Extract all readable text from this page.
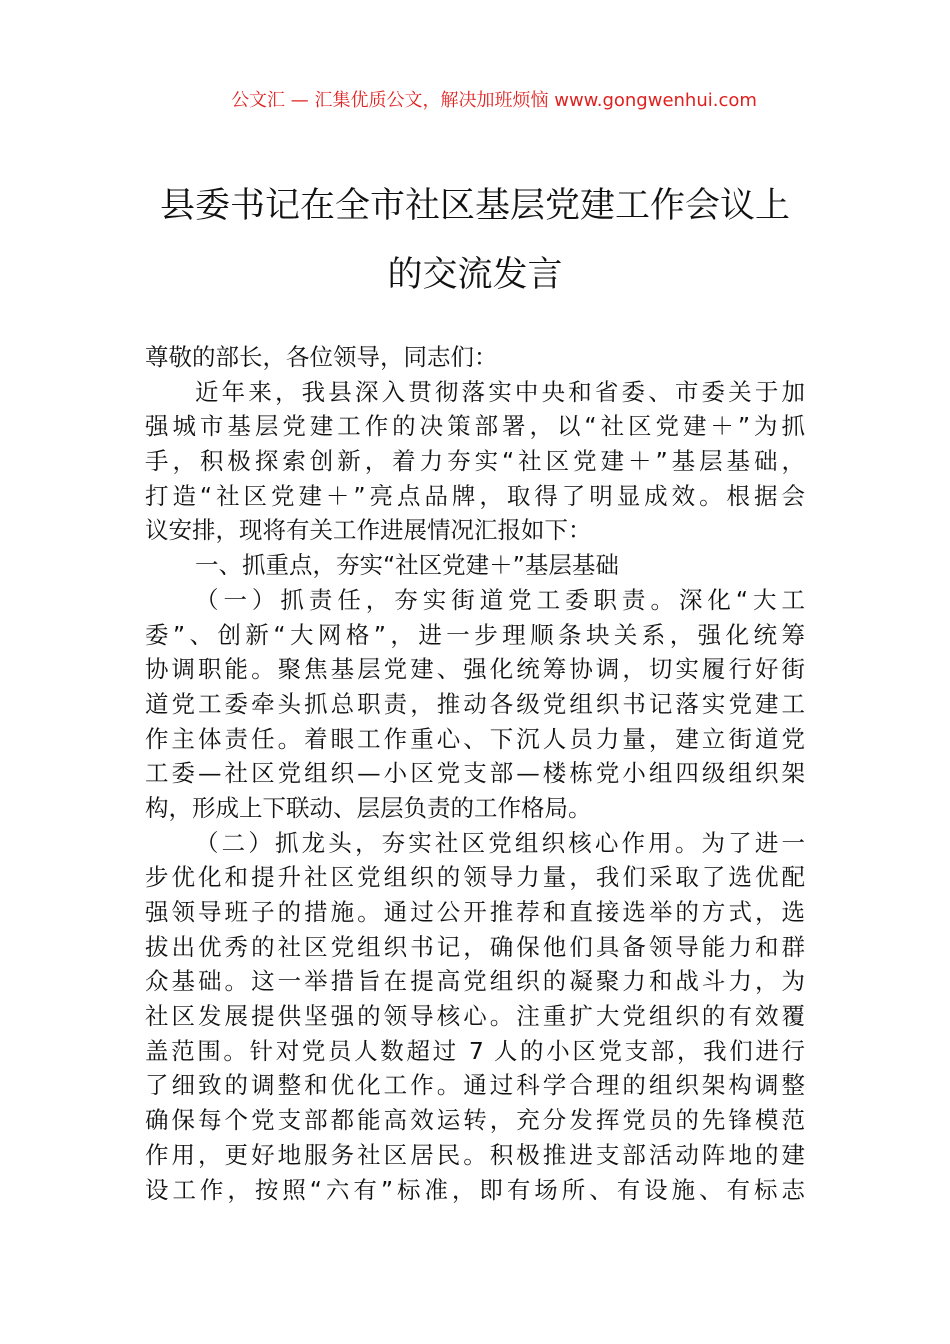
公文汇 — 汇集优质公文，解决加班烦恼 www.gongwenhui.com
县委书记在全市社区基层党建工作会议上
的交流发言
尊敬的部长，各位领导，同志们：
近年来，我县深入贯彻落实中央和省委、市委关于加
强城市基层党建工作的决策部署，以“社区党建＋”为抓
手，积极探索创新，着力夯实“社区党建＋”基层基础，
打造“社区党建＋”亮点品牌，取得了明显成效。根据会
议安排，现将有关工作进展情况汇报如下：
一、抓重点，夯实“社区党建＋”基层基础
（一）抓责任，夯实街道党工委职责。深化“大工
委”、创新“大网格”，进一步理顺条块关系，强化统筹
协调职能。聚焦基层党建、强化统筹协调，切实履行好街
道党工委牵头抓总职责，推动各级党组织书记落实党建工
作主体责任。着眼工作重心、下沉人员力量，建立街道党
工委—社区党组织—小区党支部—楼栋党小组四级组织架
构，形成上下联动、层层负责的工作格局。
（二）抓龙头，夯实社区党组织核心作用。为了进一
步优化和提升社区党组织的领导力量，我们采取了选优配
强领导班子的措施。通过公开推荐和直接选举的方式，选
拔出优秀的社区党组织书记，确保他们具备领导能力和群
众基础。这一举措旨在提高党组织的凝聚力和战斗力，为
社区发展提供坚强的领导核心。注重扩大党组织的有效覆
盖范围。针对党员人数超过 7 人的小区党支部，我们进行
了细致的调整和优化工作。通过科学合理的组织架构调整
确保每个党支部都能高效运转，充分发挥党员的先锋模范
作用，更好地服务社区居民。积极推进支部活动阵地的建
设工作，按照“六有”标准，即有场所、有设施、有标志
